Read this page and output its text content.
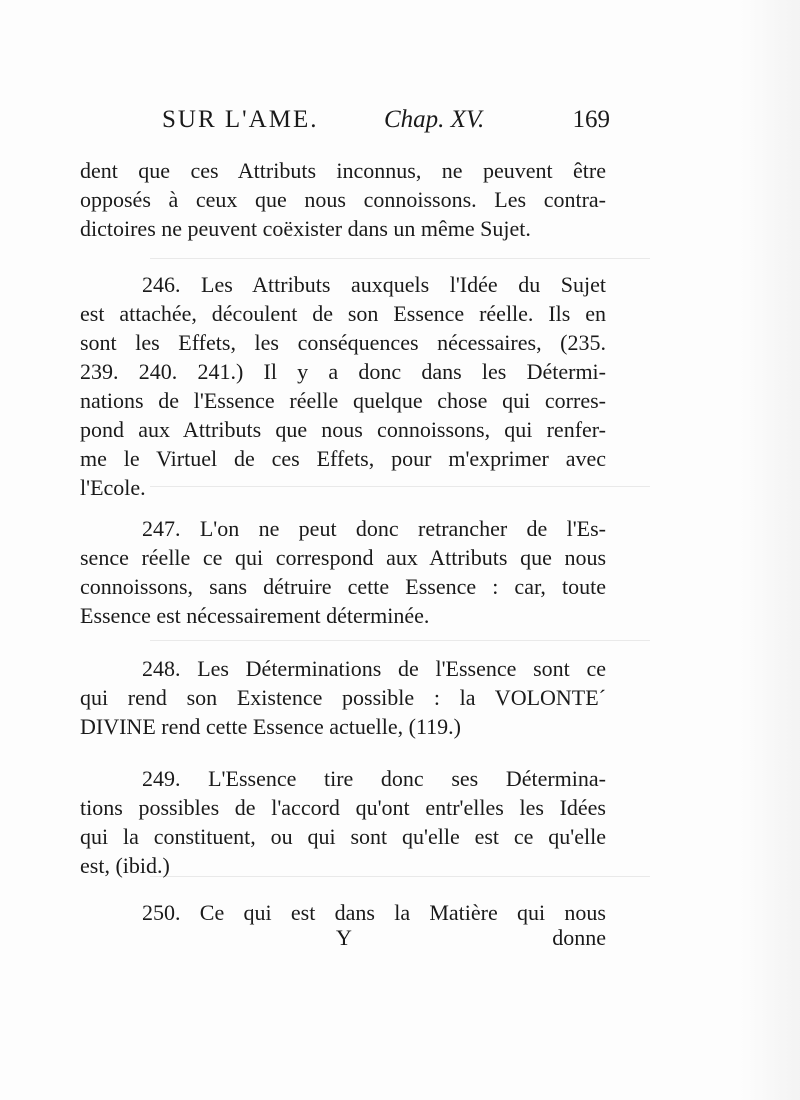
SUR L'AME.	Chap. XV.	169
dent que ces Attributs inconnus, ne peuvent être
opposés à ceux que nous connoissons. Les contra-
dictoires ne peuvent coëxister dans un même Sujet.
246. Les Attributs auxquels l'Idée du Sujet
est attachée, découlent de son Essence réelle. Ils en
sont les Effets, les conséquences nécessaires, (235.
239. 240. 241.) Il y a donc dans les Détermi-
nations de l'Essence réelle quelque chose qui corres-
pond aux Attributs que nous connoissons, qui renfer-
me le Virtuel de ces Effets, pour m'exprimer avec
l'Ecole.
247. L'on ne peut donc retrancher de l'Es-
sence réelle ce qui correspond aux Attributs que nous
connoissons, sans détruire cette Essence : car, toute
Essence est nécessairement déterminée.
248. Les Déterminations de l'Essence sont ce
qui rend son Existence possible : la VOLONTE´
DIVINE rend cette Essence actuelle, (119.)
249. L'Essence tire donc ses Détermina-
tions possibles de l'accord qu'ont entr'elles les Idées
qui la constituent, ou qui sont qu'elle est ce qu'elle
est, (ibid.)
250. Ce qui est dans la Matière qui nous
Y	donne
